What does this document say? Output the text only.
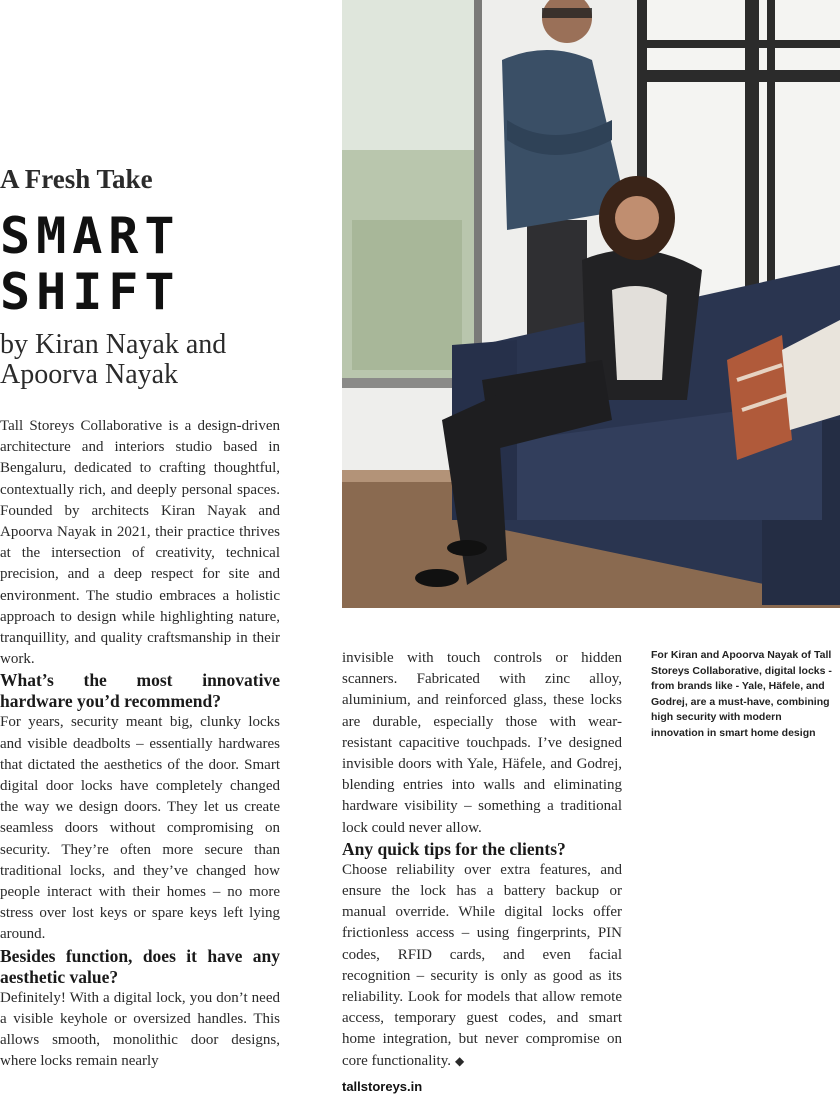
A Fresh Take
SMART
SHIFT
by Kiran Nayak and
Apoorva Nayak

Tall Storeys Collaborative is a design-driven architecture and interiors studio based in Bengaluru, dedicated to crafting thoughtful, contextually rich, and deeply personal spaces. Founded by architects Kiran Nayak and Apoorva Nayak in 2021, their practice thrives at the intersection of creativity, technical precision, and a deep respect for site and environment. The studio embraces a holistic approach to design while highlighting nature, tranquillity, and quality craftsmanship in their work.

What’s the most innovative hardware you’d recommend?

For years, security meant big, clunky locks and visible deadbolts – essentially hardwares that dictated the aesthetics of the door. Smart digital door locks have completely changed the way we design doors. They let us create seamless doors without compromising on security. They’re often more secure than traditional locks, and they’ve changed how people interact with their homes – no more stress over lost keys or spare keys left lying around.

Besides function, does it have any aesthetic value?

Definitely! With a digital lock, you don’t need a visible keyhole or oversized handles. This allows smooth, monolithic door designs, where locks remain nearly

invisible with touch controls or hidden scanners. Fabricated with zinc alloy, aluminium, and reinforced glass, these locks are durable, especially those with wear-resistant capacitive touchpads. I’ve designed invisible doors with Yale, Häfele, and Godrej, blending entries into walls and eliminating hardware visibility – something a traditional lock could never allow.

Any quick tips for the clients?

Choose reliability over extra features, and ensure the lock has a battery backup or manual override. While digital locks offer frictionless access – using fingerprints, PIN codes, RFID cards, and even facial recognition – security is only as good as its reliability. Look for models that allow remote access, temporary guest codes, and smart home integration, but never compromise on core functionality. ◆

tallstoreys.in

For Kiran and Apoorva Nayak of Tall Storeys Collaborative, digital locks - from brands like - Yale, Häfele, and Godrej, are a must-have, combining high security with modern innovation in smart home design
